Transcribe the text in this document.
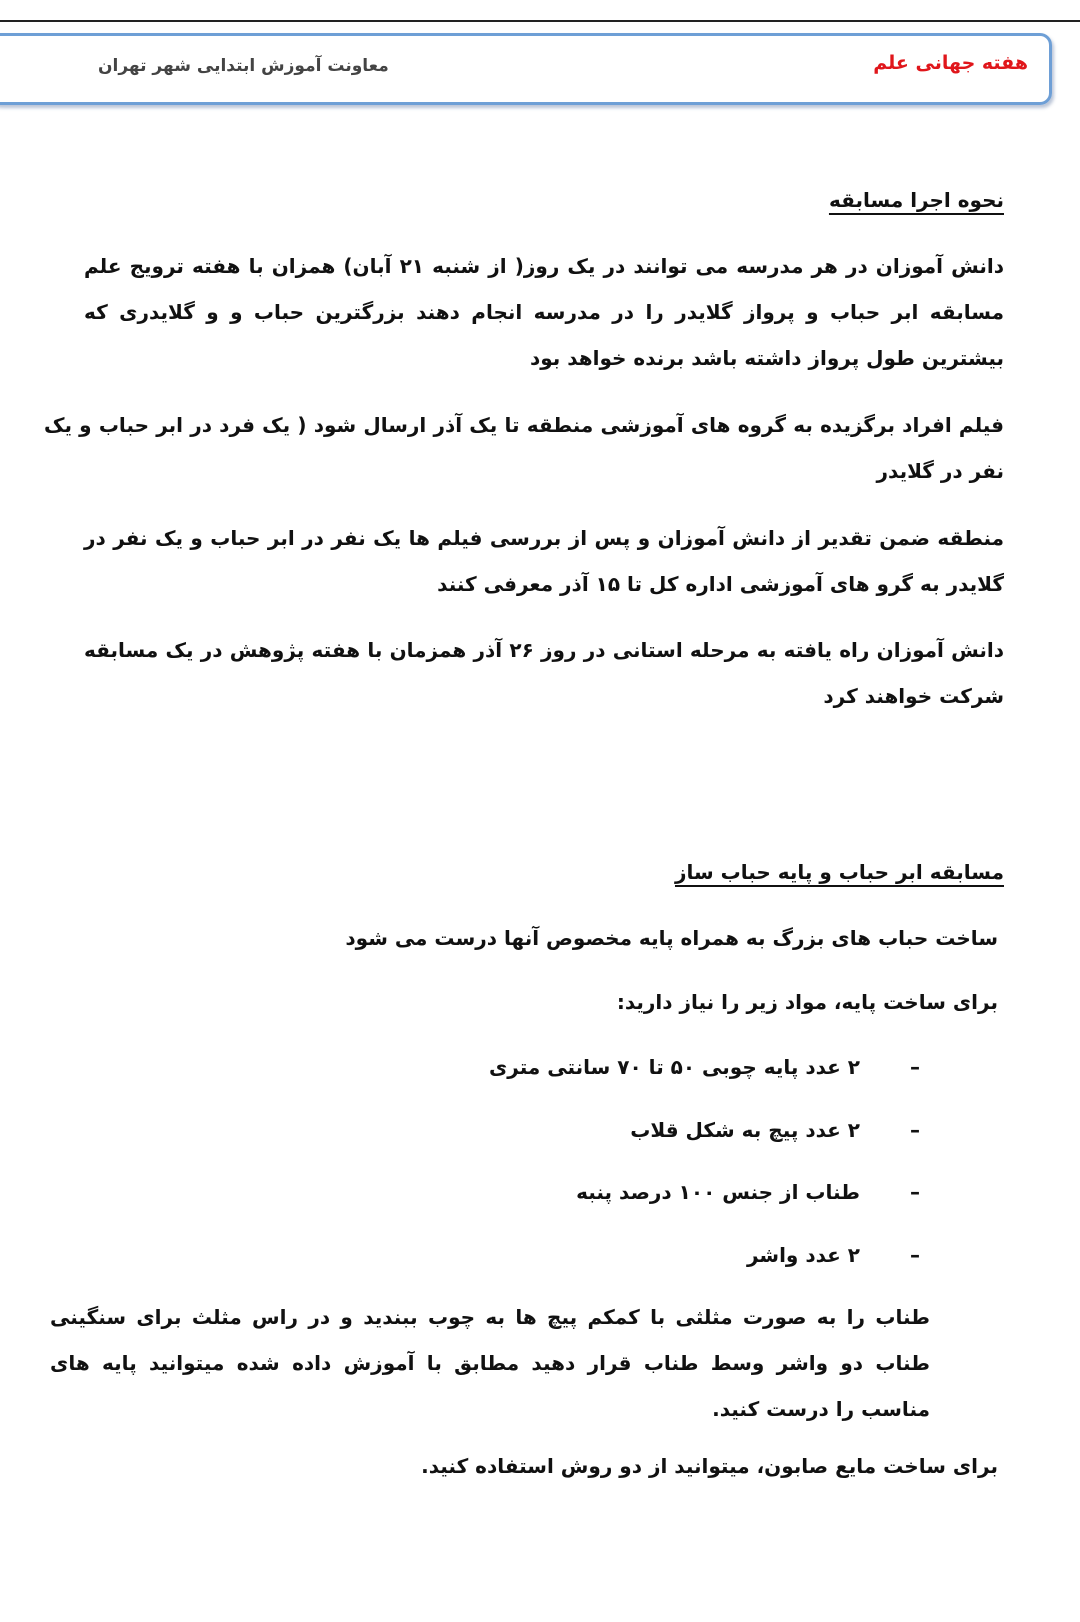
هفته جهانی علم
معاونت آموزش ابتدایی شهر تهران
نحوه اجرا مسابقه
دانش آموزان در هر مدرسه می توانند در یک روز( از شنبه ۲۱ آبان) همزان با هفته ترویج علم مسابقه ابر حباب و پرواز گلایدر را در مدرسه انجام دهند بزرگترین حباب و و گلایدری که بیشترین طول پرواز داشته باشد برنده خواهد بود
فیلم افراد برگزیده به گروه های آموزشی منطقه تا یک آذر ارسال شود ( یک فرد در ابر حباب و یک نفر در گلایدر
منطقه ضمن تقدیر از دانش آموزان و پس از بررسی فیلم ها یک نفر در ابر حباب و یک نفر در گلایدر به گرو های آموزشی اداره کل تا ۱۵ آذر معرفی کنند
دانش آموزان راه یافته به مرحله استانی در روز ۲۶ آذر همزمان با هفته پژوهش در یک مسابقه شرکت خواهند کرد
مسابقه ابر حباب و پایه حباب ساز
ساخت حباب های بزرگ به همراه پایه مخصوص آنها درست می شود
برای ساخت پایه، مواد زیر را نیاز دارید:
–
۲ عدد پایه چوبی ۵۰ تا ۷۰ سانتی متری
–
۲ عدد پیچ به شکل قلاب
–
طناب از جنس ۱۰۰ درصد پنبه
–
۲ عدد واشر
طناب را به صورت مثلثی با کمکم پیچ ها به چوب ببندید و در راس مثلث برای سنگینی طناب دو واشر وسط طناب قرار دهید مطابق با آموزش داده شده میتوانید پایه های مناسب را درست کنید.
برای ساخت مایع صابون، میتوانید از دو روش استفاده کنید.
